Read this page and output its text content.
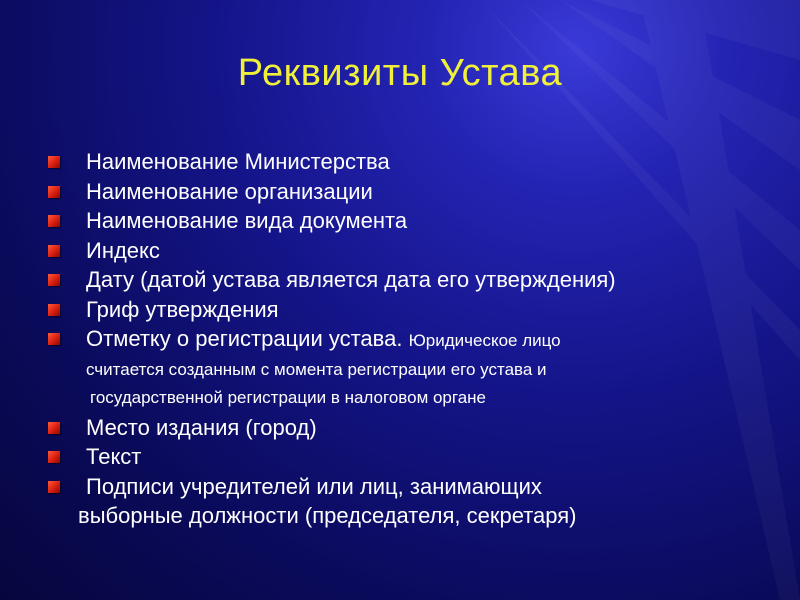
Реквизиты Устава
Наименование Министерства
Наименование организации
Наименование вида документа
Индекс
Дату (датой устава является дата его утверждения)
Гриф утверждения
Отметку о регистрации устава. Юридическое лицо
считается созданным с момента регистрации его устава и
государственной регистрации в налоговом органе
Место издания (город)
Текст
Подписи учредителей или лиц, занимающих
выборные должности (председателя, секретаря)
